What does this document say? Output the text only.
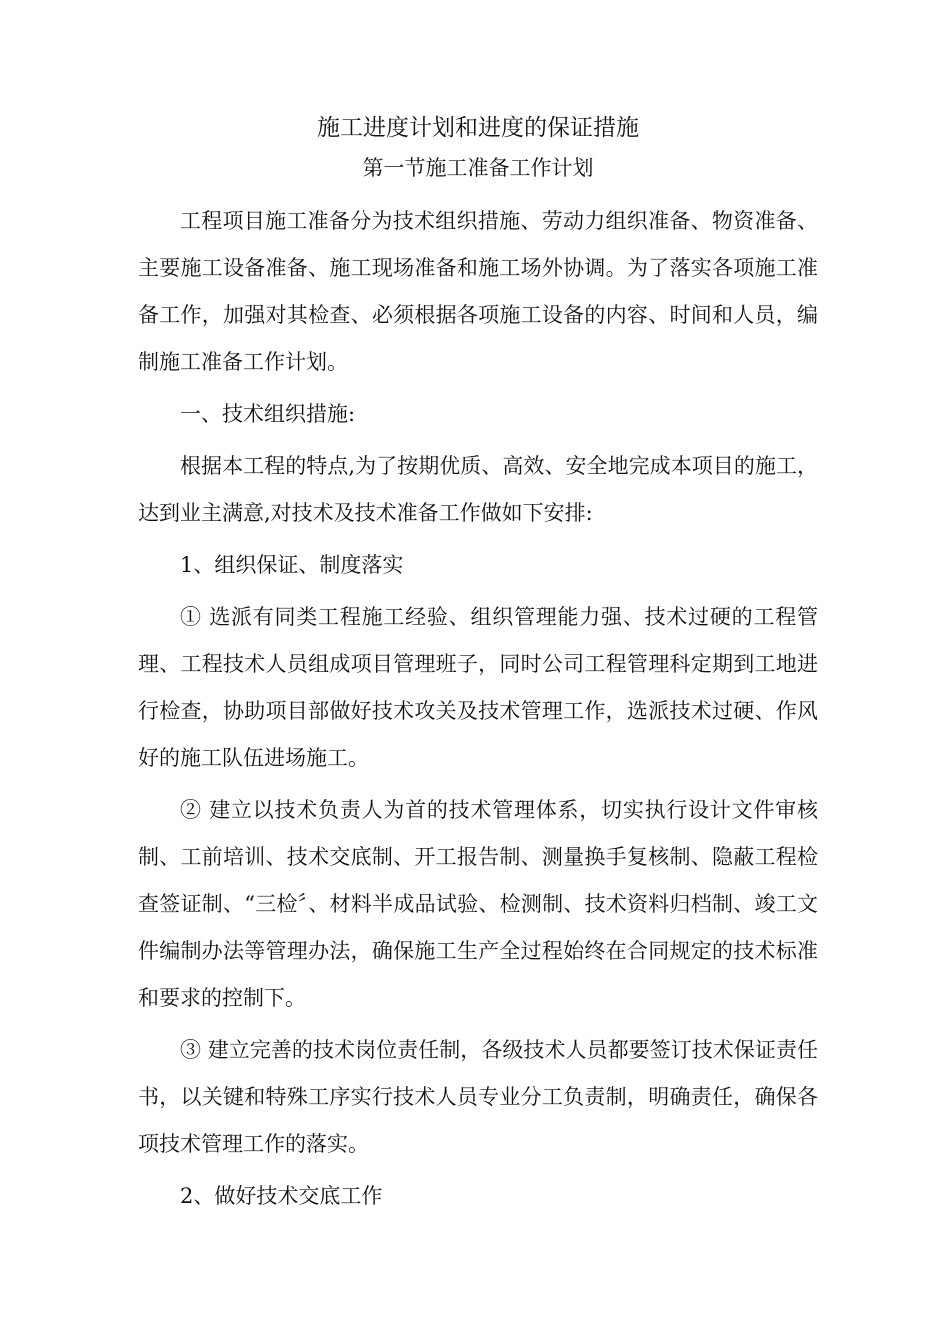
施工进度计划和进度的保证措施
第一节施工准备工作计划

工程项目施工准备分为技术组织措施、劳动力组织准备、物资准备、主要施工设备准备、施工现场准备和施工场外协调。为了落实各项施工准备工作，加强对其检查、必须根据各项施工设备的内容、时间和人员，编制施工准备工作计划。

一、技术组织措施:

根据本工程的特点,为了按期优质、高效、安全地完成本项目的施工，达到业主满意,对技术及技术准备工作做如下安排:

1、组织保证、制度落实

① 选派有同类工程施工经验、组织管理能力强、技术过硬的工程管理、工程技术人员组成项目管理班子，同时公司工程管理科定期到工地进行检查，协助项目部做好技术攻关及技术管理工作，选派技术过硬、作风好的施工队伍进场施工。

② 建立以技术负责人为首的技术管理体系，切实执行设计文件审核制、工前培训、技术交底制、开工报告制、测量换手复核制、隐蔽工程检查签证制、“三检〞、材料半成品试验、检测制、技术资料归档制、竣工文件编制办法等管理办法，确保施工生产全过程始终在合同规定的技术标准和要求的控制下。

③ 建立完善的技术岗位责任制，各级技术人员都要签订技术保证责任书，以关键和特殊工序实行技术人员专业分工负责制，明确责任，确保各项技术管理工作的落实。

2、做好技术交底工作
